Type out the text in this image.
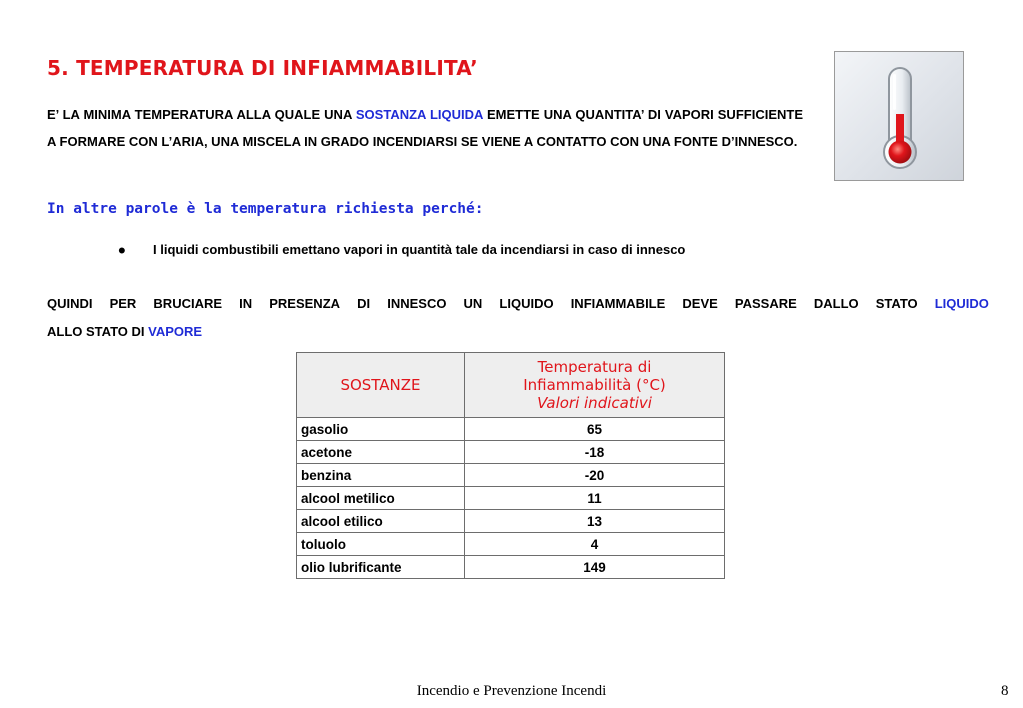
5. TEMPERATURA DI INFIAMMABILITA’
E’ LA MINIMA TEMPERATURA ALLA QUALE UNA SOSTANZA LIQUIDA EMETTE UNA QUANTITA’ DI VAPORI SUFFICIENTE A FORMARE CON L’ARIA, UNA MISCELA IN GRADO INCENDIARSI SE VIENE A CONTATTO CON UNA FONTE D’INNESCO.
In altre parole è la temperatura richiesta perché:
• I liquidi combustibili emettano vapori in quantità tale da incendiarsi in caso di innesco
QUINDI PER BRUCIARE IN PRESENZA DI INNESCO UN LIQUIDO INFIAMMABILE DEVE PASSARE DALLO STATO LIQUIDO
ALLO STATO DI VAPORE
SOSTANZE	Temperatura di
Infiammabilità (°C)
Valori indicativi

gasolio	65
acetone	-18
benzina	-20
alcool metilico	11
alcool etilico	13
toluolo	4
olio lubrificante	149
Incendio e Prevenzione Incendi	8
